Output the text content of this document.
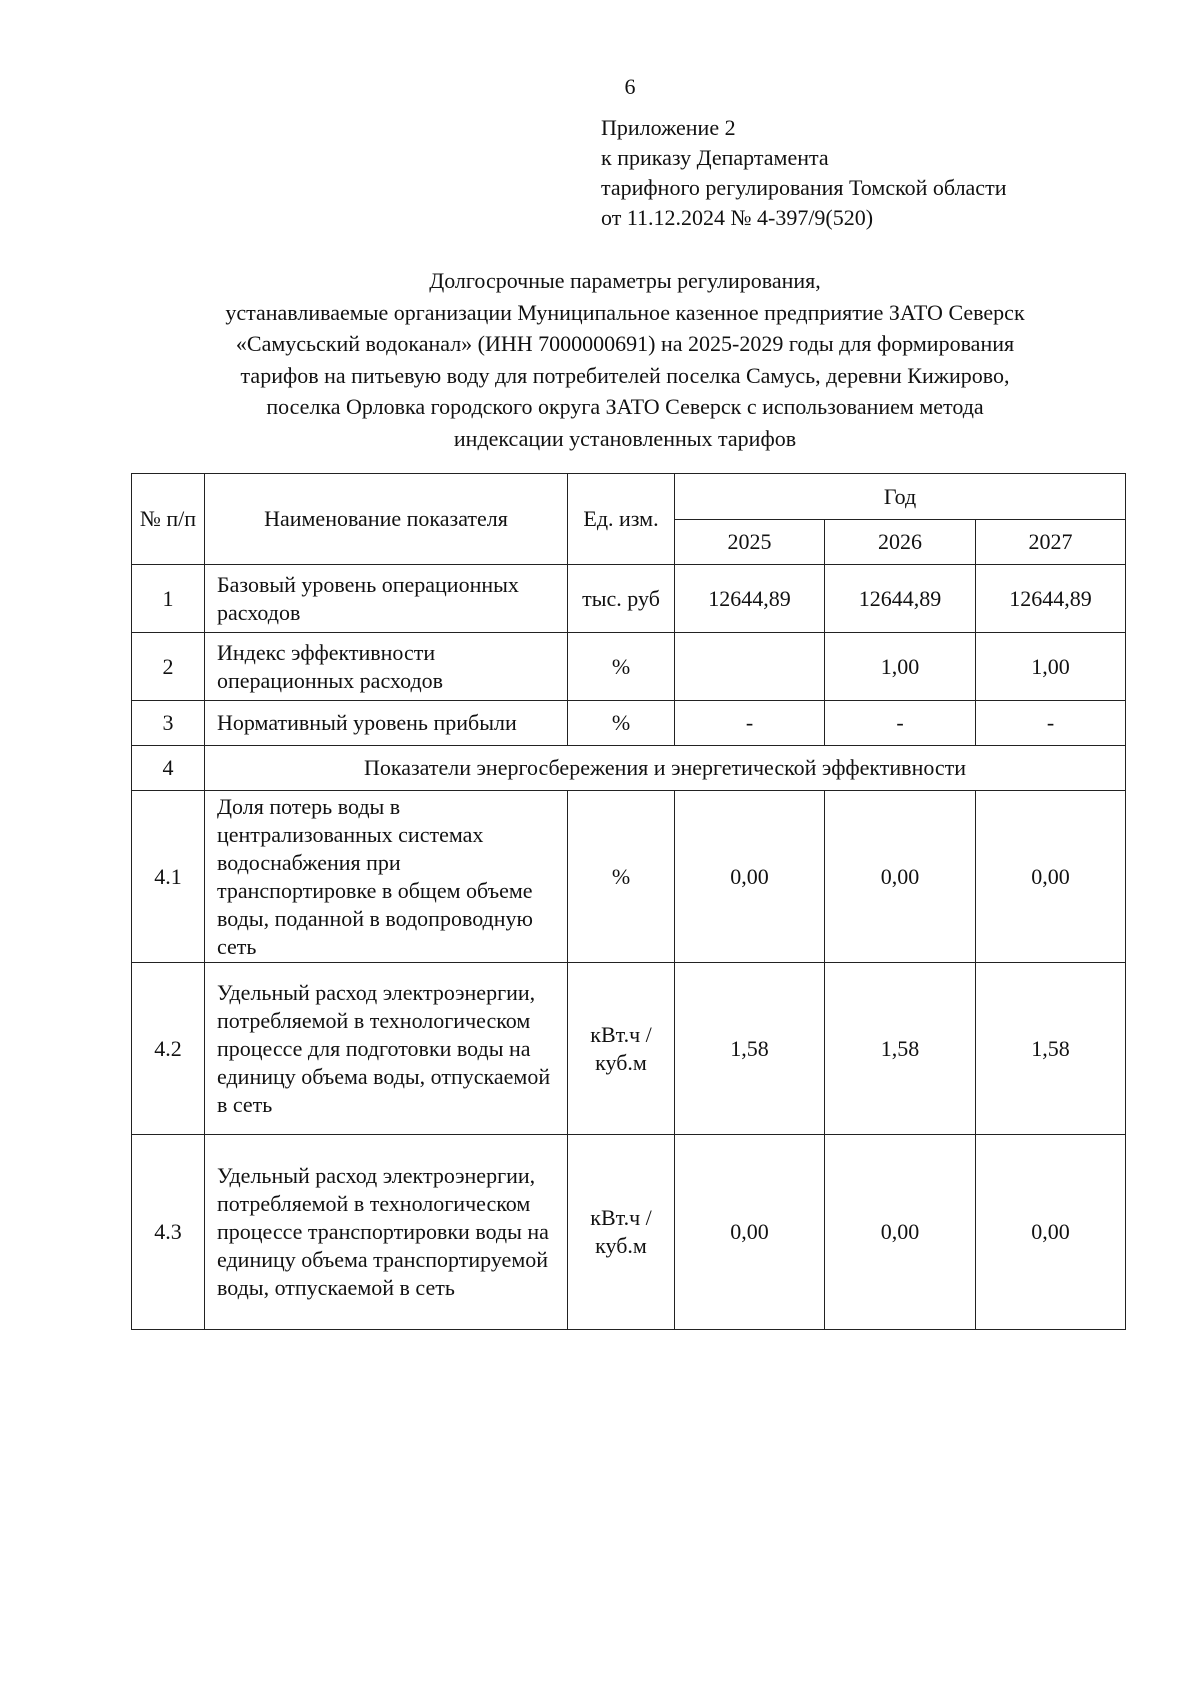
6
Приложение 2
к приказу Департамента
тарифного регулирования Томской области
от 11.12.2024 № 4-397/9(520)
Долгосрочные параметры регулирования,
устанавливаемые организации Муниципальное казенное предприятие ЗАТО Северск
«Самусьский водоканал» (ИНН 7000000691) на 2025-2029 годы для формирования
тарифов на питьевую воду для потребителей поселка Самусь, деревни Кижирово,
поселка Орловка городского округа ЗАТО Северск с использованием метода
индексации установленных тарифов
№ п/п	Наименование показателя	Ед. изм.	Год		
			2025	2026	2027
1	Базовый уровень операционных расходов	тыс. руб	12644,89	12644,89	12644,89
2	Индекс эффективности операционных расходов	%		1,00	1,00
3	Нормативный уровень прибыли	%	-	-	-
4	Показатели энергосбережения и энергетической эффективности				
4.1	Доля потерь воды в централизованных системах водоснабжения при транспортировке в общем объеме воды, поданной в водопроводную сеть	%	0,00	0,00	0,00
4.2	Удельный расход электроэнергии, потребляемой в технологическом процессе для подготовки воды на единицу объема воды, отпускаемой в сеть	кВт.ч / куб.м	1,58	1,58	1,58
4.3	Удельный расход электроэнергии, потребляемой в технологическом процессе транспортировки воды на единицу объема транспортируемой воды, отпускаемой в сеть	кВт.ч / куб.м	0,00	0,00	0,00
